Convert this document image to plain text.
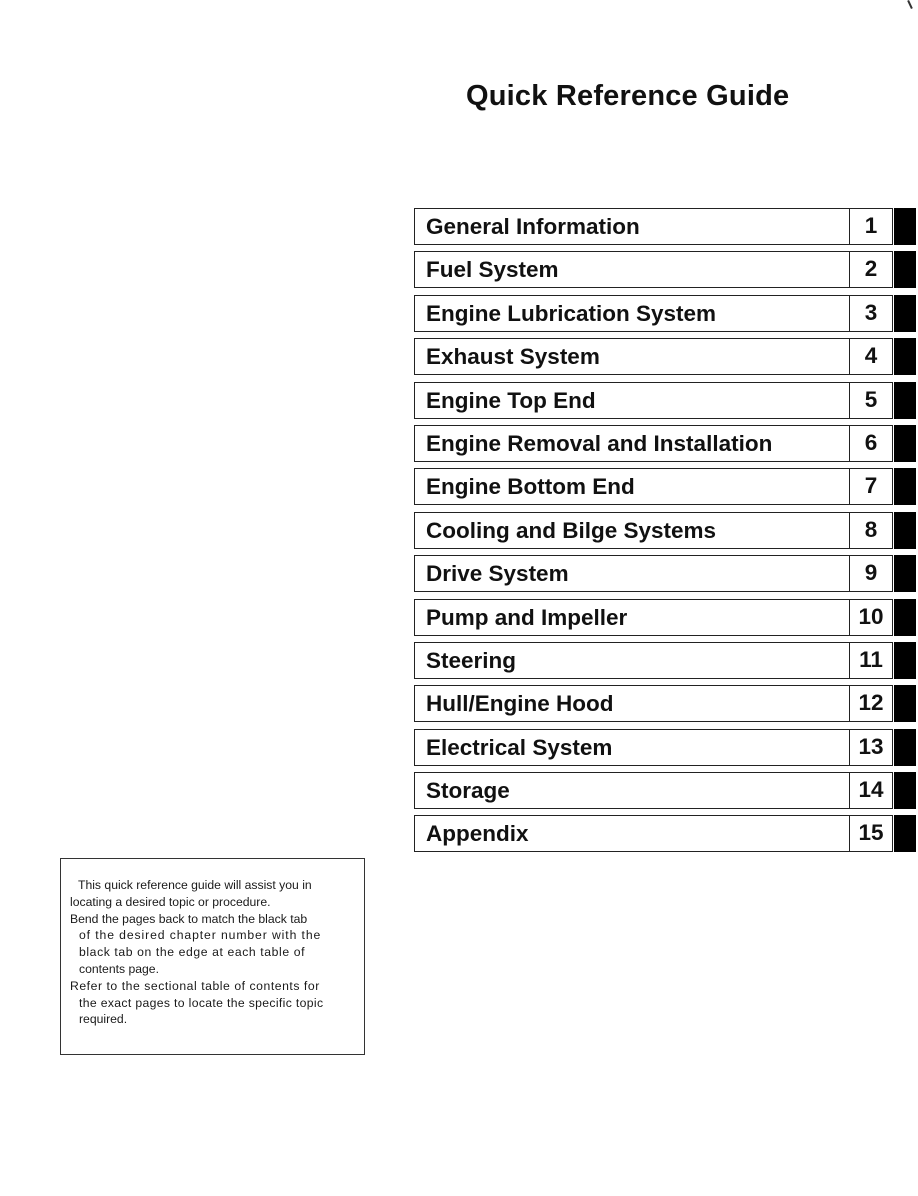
Quick Reference Guide
General Information	1
Fuel System	2
Engine Lubrication System	3
Exhaust System	4
Engine Top End	5
Engine Removal and Installation	6
Engine Bottom End	7
Cooling and Bilge Systems	8
Drive System	9
Pump and Impeller	10
Steering	11
Hull/Engine Hood	12
Electrical System	13
Storage	14
Appendix	15
This quick reference guide will assist you in
locating a desired topic or procedure.
Bend the pages back to match the black tab
of the desired chapter number with the
black tab on the edge at each table of
contents page.
Refer to the sectional table of contents for
the exact pages to locate the specific topic
required.
